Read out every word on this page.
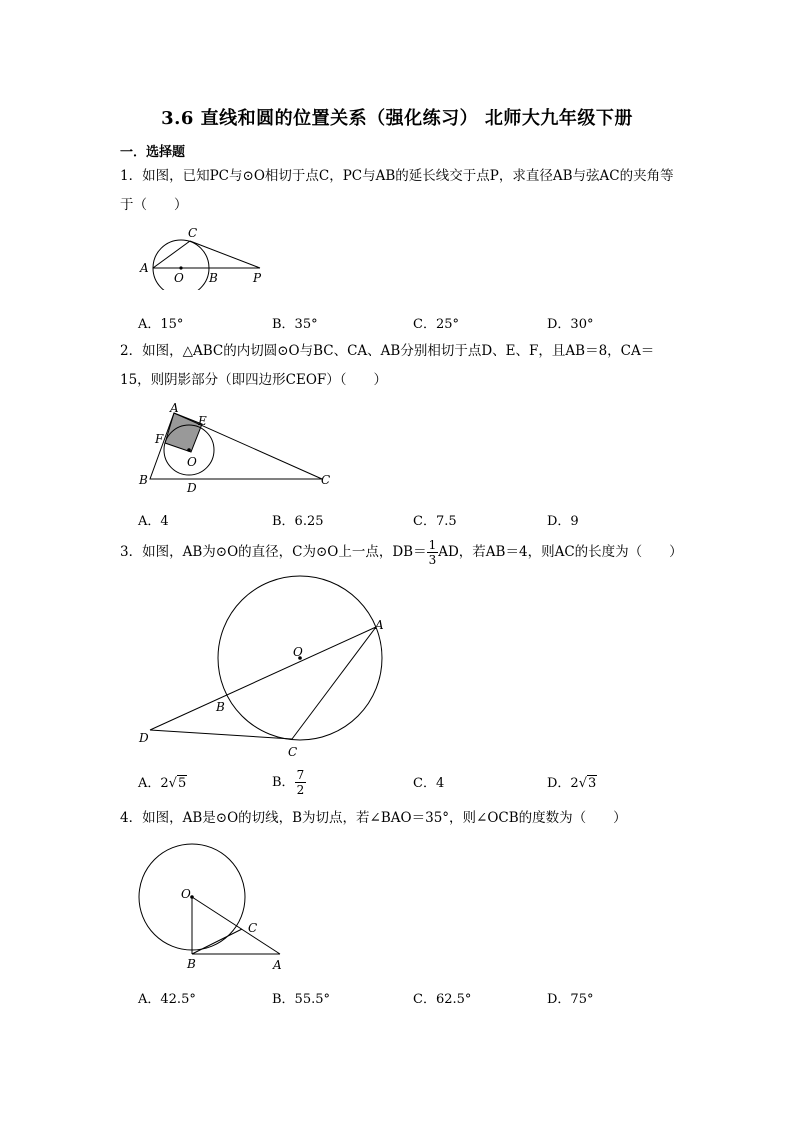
3.6 直线和圆的位置关系（强化练习） 北师大九年级下册
一．选择题
1．如图，已知PC与⊙O相切于点C，PC与AB的延长线交于点P，求直径AB与弦AC的夹角等于（　　）
A
C
O B	P
A．15°	B．35°	C．25°	D．30°
2．如图，△ABC的内切圆⊙O与BC、CA、AB分别相切于点D、E、F，且AB＝8，CA＝15，则阴影部分（即四边形CEOF）（　　）
A
E
F
O
B
D
C
A．4	B．6.25	C．7.5	D．9
3．如图，AB为⊙O的直径，C为⊙O上一点，$DB= \frac{1}{3}$ AD，若AB＝4，则AC的长度为（　　）
A
O
B
D
C
A．2√5	B． $\frac{7}{2}$	C．4	D．2√3
4．如图，AB是⊙O的切线，B为切点，若∠BAO＝35°，则∠OCB的度数为（　　）
O
C
B	A
A．42.5°	B．55.5°	C．62.5°	D．75°
